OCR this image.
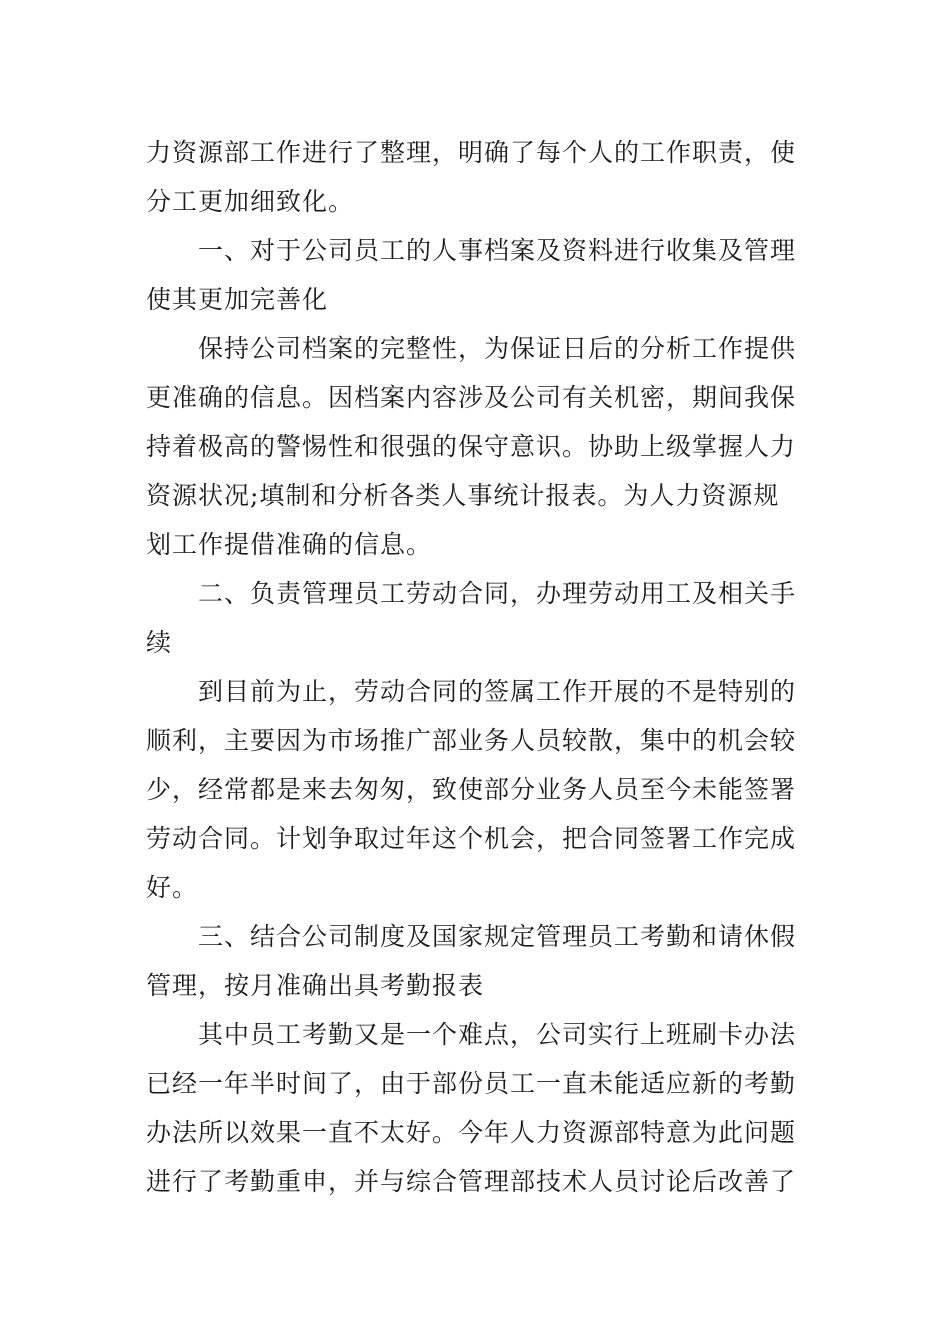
力资源部工作进行了整理，明确了每个人的工作职责，使
分工更加细致化。
　　一、对于公司员工的人事档案及资料进行收集及管理
使其更加完善化
　　保持公司档案的完整性，为保证日后的分析工作提供
更准确的信息。因档案内容涉及公司有关机密，期间我保
持着极高的警惕性和很强的保守意识。协助上级掌握人力
资源状况;填制和分析各类人事统计报表。为人力资源规
划工作提借准确的信息。
　　二、负责管理员工劳动合同，办理劳动用工及相关手
续
　　到目前为止，劳动合同的签属工作开展的不是特别的
顺利，主要因为市场推广部业务人员较散，集中的机会较
少，经常都是来去匆匆，致使部分业务人员至今未能签署
劳动合同。计划争取过年这个机会，把合同签署工作完成
好。
　　三、结合公司制度及国家规定管理员工考勤和请休假
管理，按月准确出具考勤报表
　　其中员工考勤又是一个难点，公司实行上班刷卡办法
已经一年半时间了，由于部份员工一直未能适应新的考勤
办法所以效果一直不太好。今年人力资源部特意为此问题
进行了考勤重申，并与综合管理部技术人员讨论后改善了
